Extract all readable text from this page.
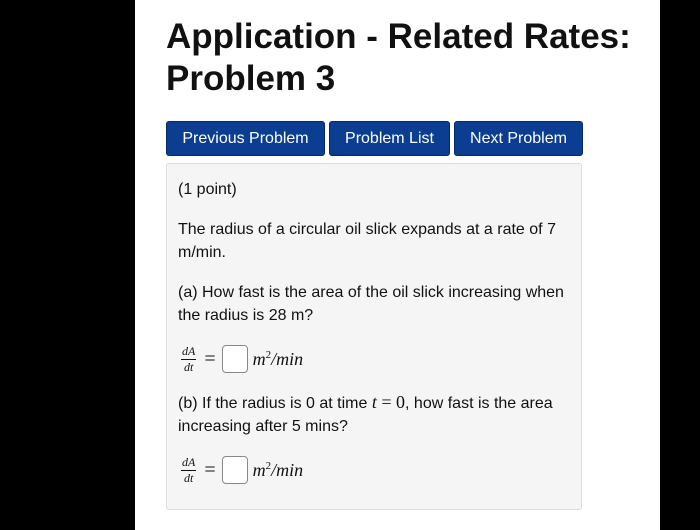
Application - Related Rates:
Problem 3
Previous Problem	Problem List	Next Problem

(1 point)

The radius of a circular oil slick expands at a rate of 7 m/min.

(a) How fast is the area of the oil slick increasing when the radius is 28 m?

$\frac{dA}{dt} = m^2/\min$

(b) If the radius is 0 at time t = 0, how fast is the area increasing after 5 mins?

$\frac{dA}{dt} = m^2/\min$
